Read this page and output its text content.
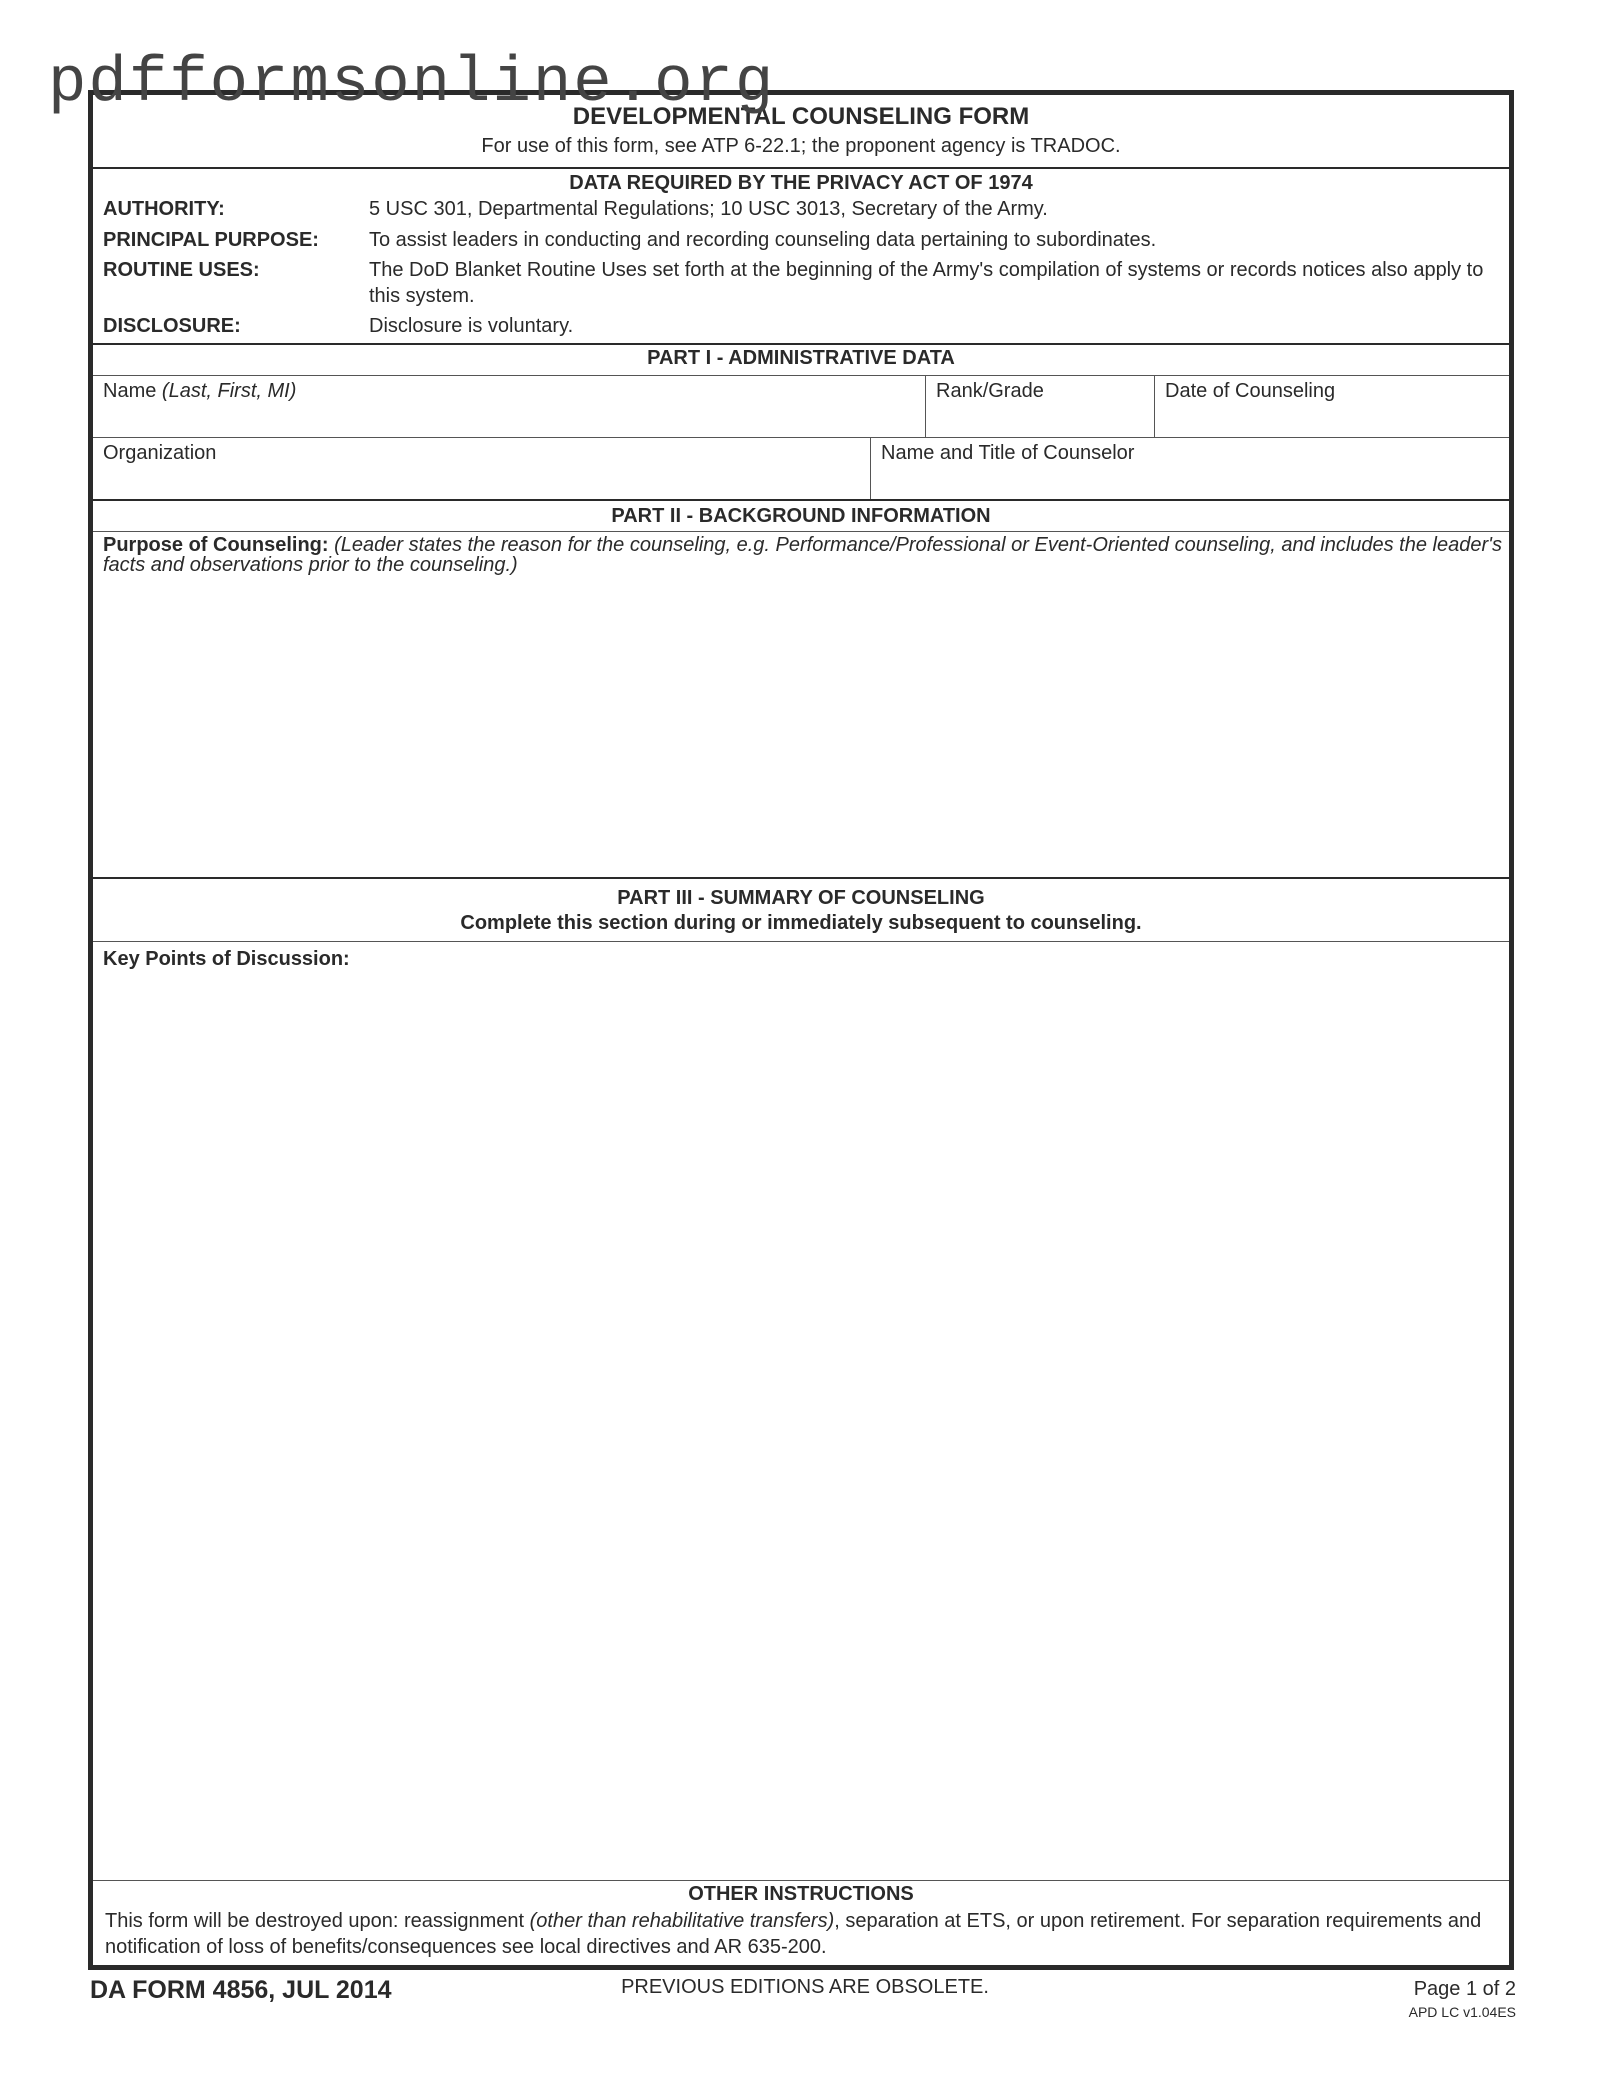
pdfformsonline.org
DEVELOPMENTAL COUNSELING FORM
For use of this form, see ATP 6-22.1; the proponent agency is TRADOC.
DATA REQUIRED BY THE PRIVACY ACT OF 1974
AUTHORITY:	5 USC 301, Departmental Regulations; 10 USC 3013, Secretary of the Army.
PRINCIPAL PURPOSE:	To assist leaders in conducting and recording counseling data pertaining to subordinates.
ROUTINE USES:	The DoD Blanket Routine Uses set forth at the beginning of the Army's compilation of systems or records notices also apply to this system.
DISCLOSURE:	Disclosure is voluntary.
PART I - ADMINISTRATIVE DATA
Name (Last, First, MI)	Rank/Grade	Date of Counseling
Organization	Name and Title of Counselor
PART II - BACKGROUND INFORMATION
Purpose of Counseling: (Leader states the reason for the counseling, e.g. Performance/Professional or Event-Oriented counseling, and includes the leader's facts and observations prior to the counseling.)
PART III - SUMMARY OF COUNSELING
Complete this section during or immediately subsequent to counseling.
Key Points of Discussion:
OTHER INSTRUCTIONS
This form will be destroyed upon: reassignment (other than rehabilitative transfers), separation at ETS, or upon retirement. For separation requirements and notification of loss of benefits/consequences see local directives and AR 635-200.
DA FORM 4856, JUL 2014	PREVIOUS EDITIONS ARE OBSOLETE.	Page 1 of 2
APD LC v1.04ES
